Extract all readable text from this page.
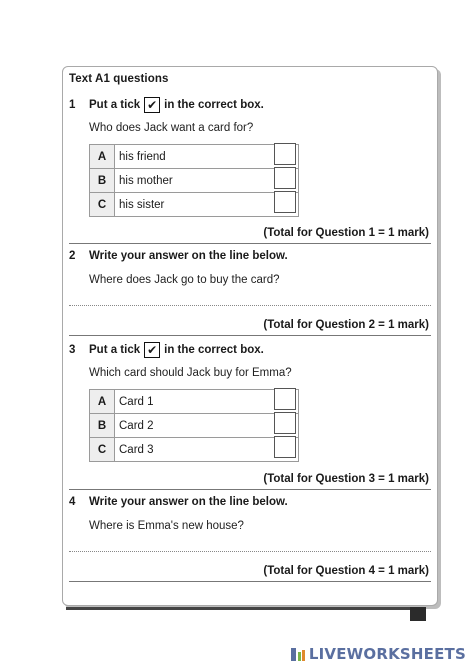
Text A1 questions
1	Put a tick ✔ in the correct box.
Who does Jack want a card for?
A	his friend
B	his mother
C	his sister
(Total for Question 1 = 1 mark)
2	Write your answer on the line below.
Where does Jack go to buy the card?
(Total for Question 2 = 1 mark)
3	Put a tick ✔ in the correct box.
Which card should Jack buy for Emma?
A	Card 1
B	Card 2
C	Card 3
(Total for Question 3 = 1 mark)
4	Write your answer on the line below.
Where is Emma's new house?
(Total for Question 4 = 1 mark)
LIVEWORKSHEETS
